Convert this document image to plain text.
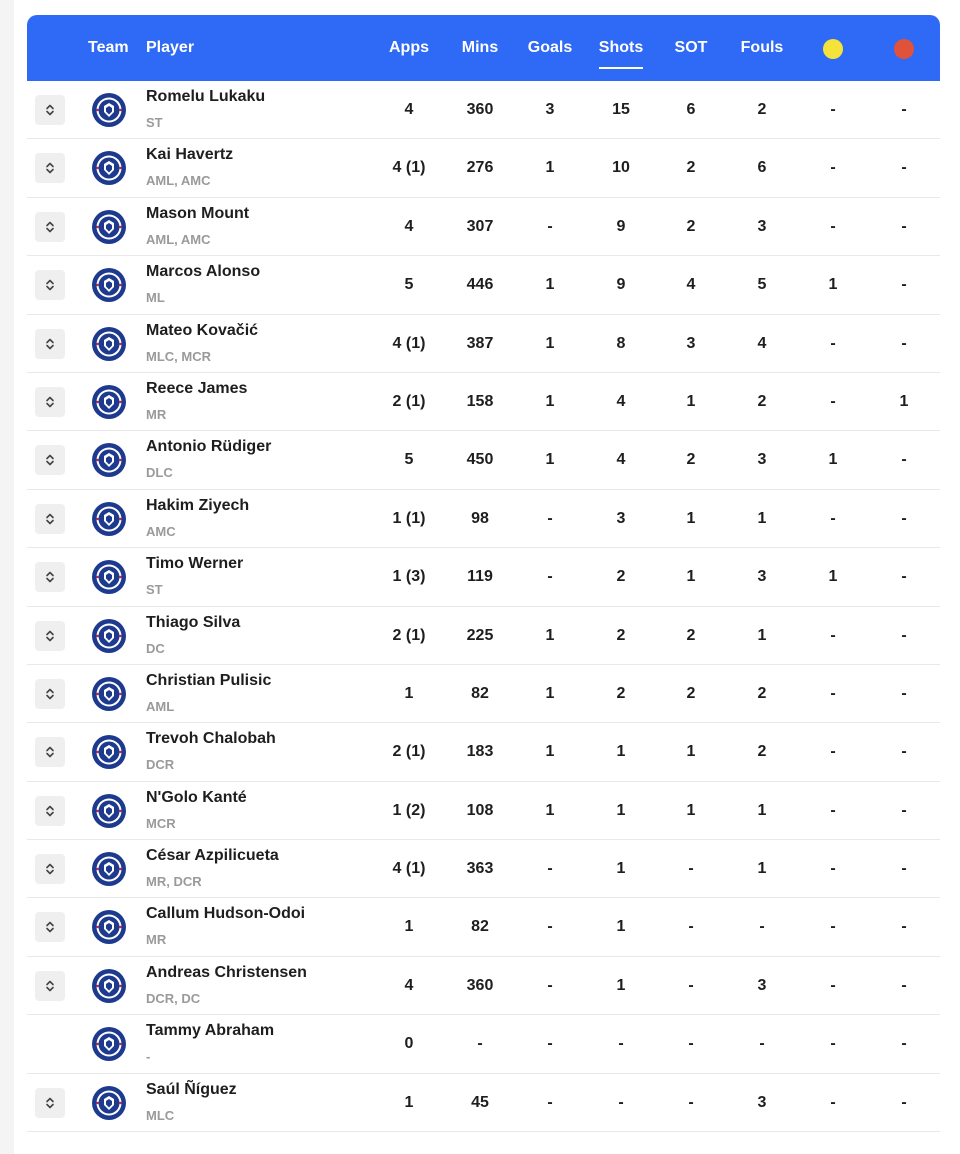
Team Player	Apps	Mins	Goals	Shots	SOT	Fouls
Romelu Lukaku
ST
4	360	3	15	6	2	-	-
Kai Havertz
AML, AMC
4 (1)	276	1	10	2	6	-	-
Mason Mount
AML, AMC
4	307	-	9	2	3	-	-
Marcos Alonso
ML
5	446	1	9	4	5	1	-
Mateo Kovačić
MLC, MCR
4 (1)	387	1	8	3	4	-	-
Reece James
MR
2 (1)	158	1	4	1	2	-	1
Antonio Rüdiger
DLC
5	450	1	4	2	3	1	-
Hakim Ziyech
AMC
1 (1)	98	-	3	1	1	-	-
Timo Werner
ST
1 (3)	119	-	2	1	3	1	-
Thiago Silva
DC
2 (1)	225	1	2	2	1	-	-
Christian Pulisic
AML
1	82	1	2	2	2	-	-
Trevoh Chalobah
DCR
2 (1)	183	1	1	1	2	-	-
N'Golo Kanté
MCR
1 (2)	108	1	1	1	1	-	-
César Azpilicueta
MR, DCR
4 (1)	363	-	1	-	1	-	-
Callum Hudson-Odoi
MR
1	82	-	1	-	-	-	-
Andreas Christensen
DCR, DC
4	360	-	1	-	3	-	-
Tammy Abraham
-
0	-	-	-	-	-	-	-
Saúl Ñíguez
MLC
1	45	-	-	-	3	-	-
